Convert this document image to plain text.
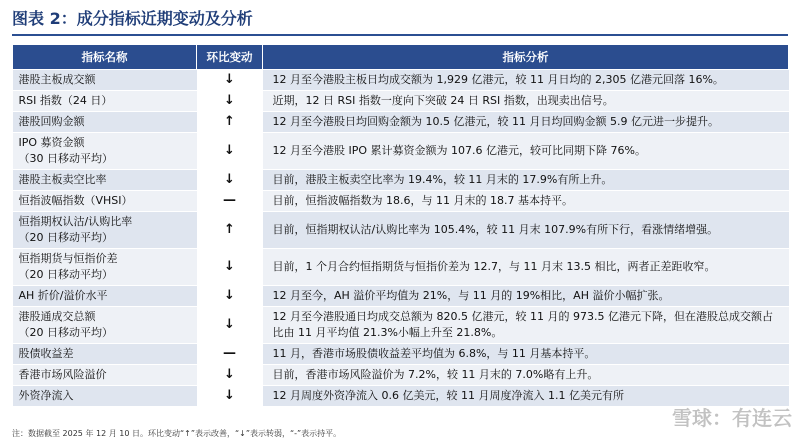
图表 2：成分指标近期变动及分析
指标名称	环比变动	指标分析

港股主板成交额	↓	12 月至今港股主板日均成交额为 1,929 亿港元，较 11 月日均的 2,305 亿港元回落 16%。

RSI 指数（24 日）	↓	近期，12 日 RSI 指数一度向下突破 24 日 RSI 指数，出现卖出信号。

港股回购金额	↑	12 月至今港股日均回购金额为 10.5 亿港元，较 11 月日均回购金额 5.9 亿元进一步提升。

IPO 募资金额
（30 日移动平均）	↓	12 月至今港股 IPO 累计募资金额为 107.6 亿港元，较可比同期下降 76%。

港股主板卖空比率	↓	目前，港股主板卖空比率为 19.4%，较 11 月末的 17.9%有所上升。

恒指波幅指数（VHSI）	—	目前，恒指波幅指数为 18.6，与 11 月末的 18.7 基本持平。

恒指期权认沽/认购比率
（20 日移动平均）	↑	目前，恒指期权认沽/认购比率为 105.4%，较 11 月末 107.9%有所下行，看涨情绪增强。

恒指期货与恒指价差
（20 日移动平均）	↓	目前，1 个月合约恒指期货与恒指价差为 12.7，与 11 月末 13.5 相比，两者正差距收窄。

AH 折价/溢价水平	↓	12 月至今，AH 溢价平均值为 21%，与 11 月的 19%相比，AH 溢价小幅扩张。

港股通成交总额
（20 日移动平均）	↓	12 月至今港股通日均成交总额为 820.5 亿港元，较 11 月的 973.5 亿港元下降，但在港股总成交额占比由 11 月平均值 21.3%小幅上升至 21.8%。

股债收益差	—	11 月，香港市场股债收益差平均值为 6.8%，与 11 月基本持平。

香港市场风险溢价	↓	目前，香港市场风险溢价为 7.2%，较 11 月末的 7.0%略有上升。

外资净流入	↓	12 月周度外资净流入 0.6 亿美元，较 11 月周度净流入 1.1 亿美元有所
注：数据截至 2025 年 12 月 10 日。环比变动“↑”表示改善，“↓”表示转弱，“-”表示持平。
雪球：有连云
